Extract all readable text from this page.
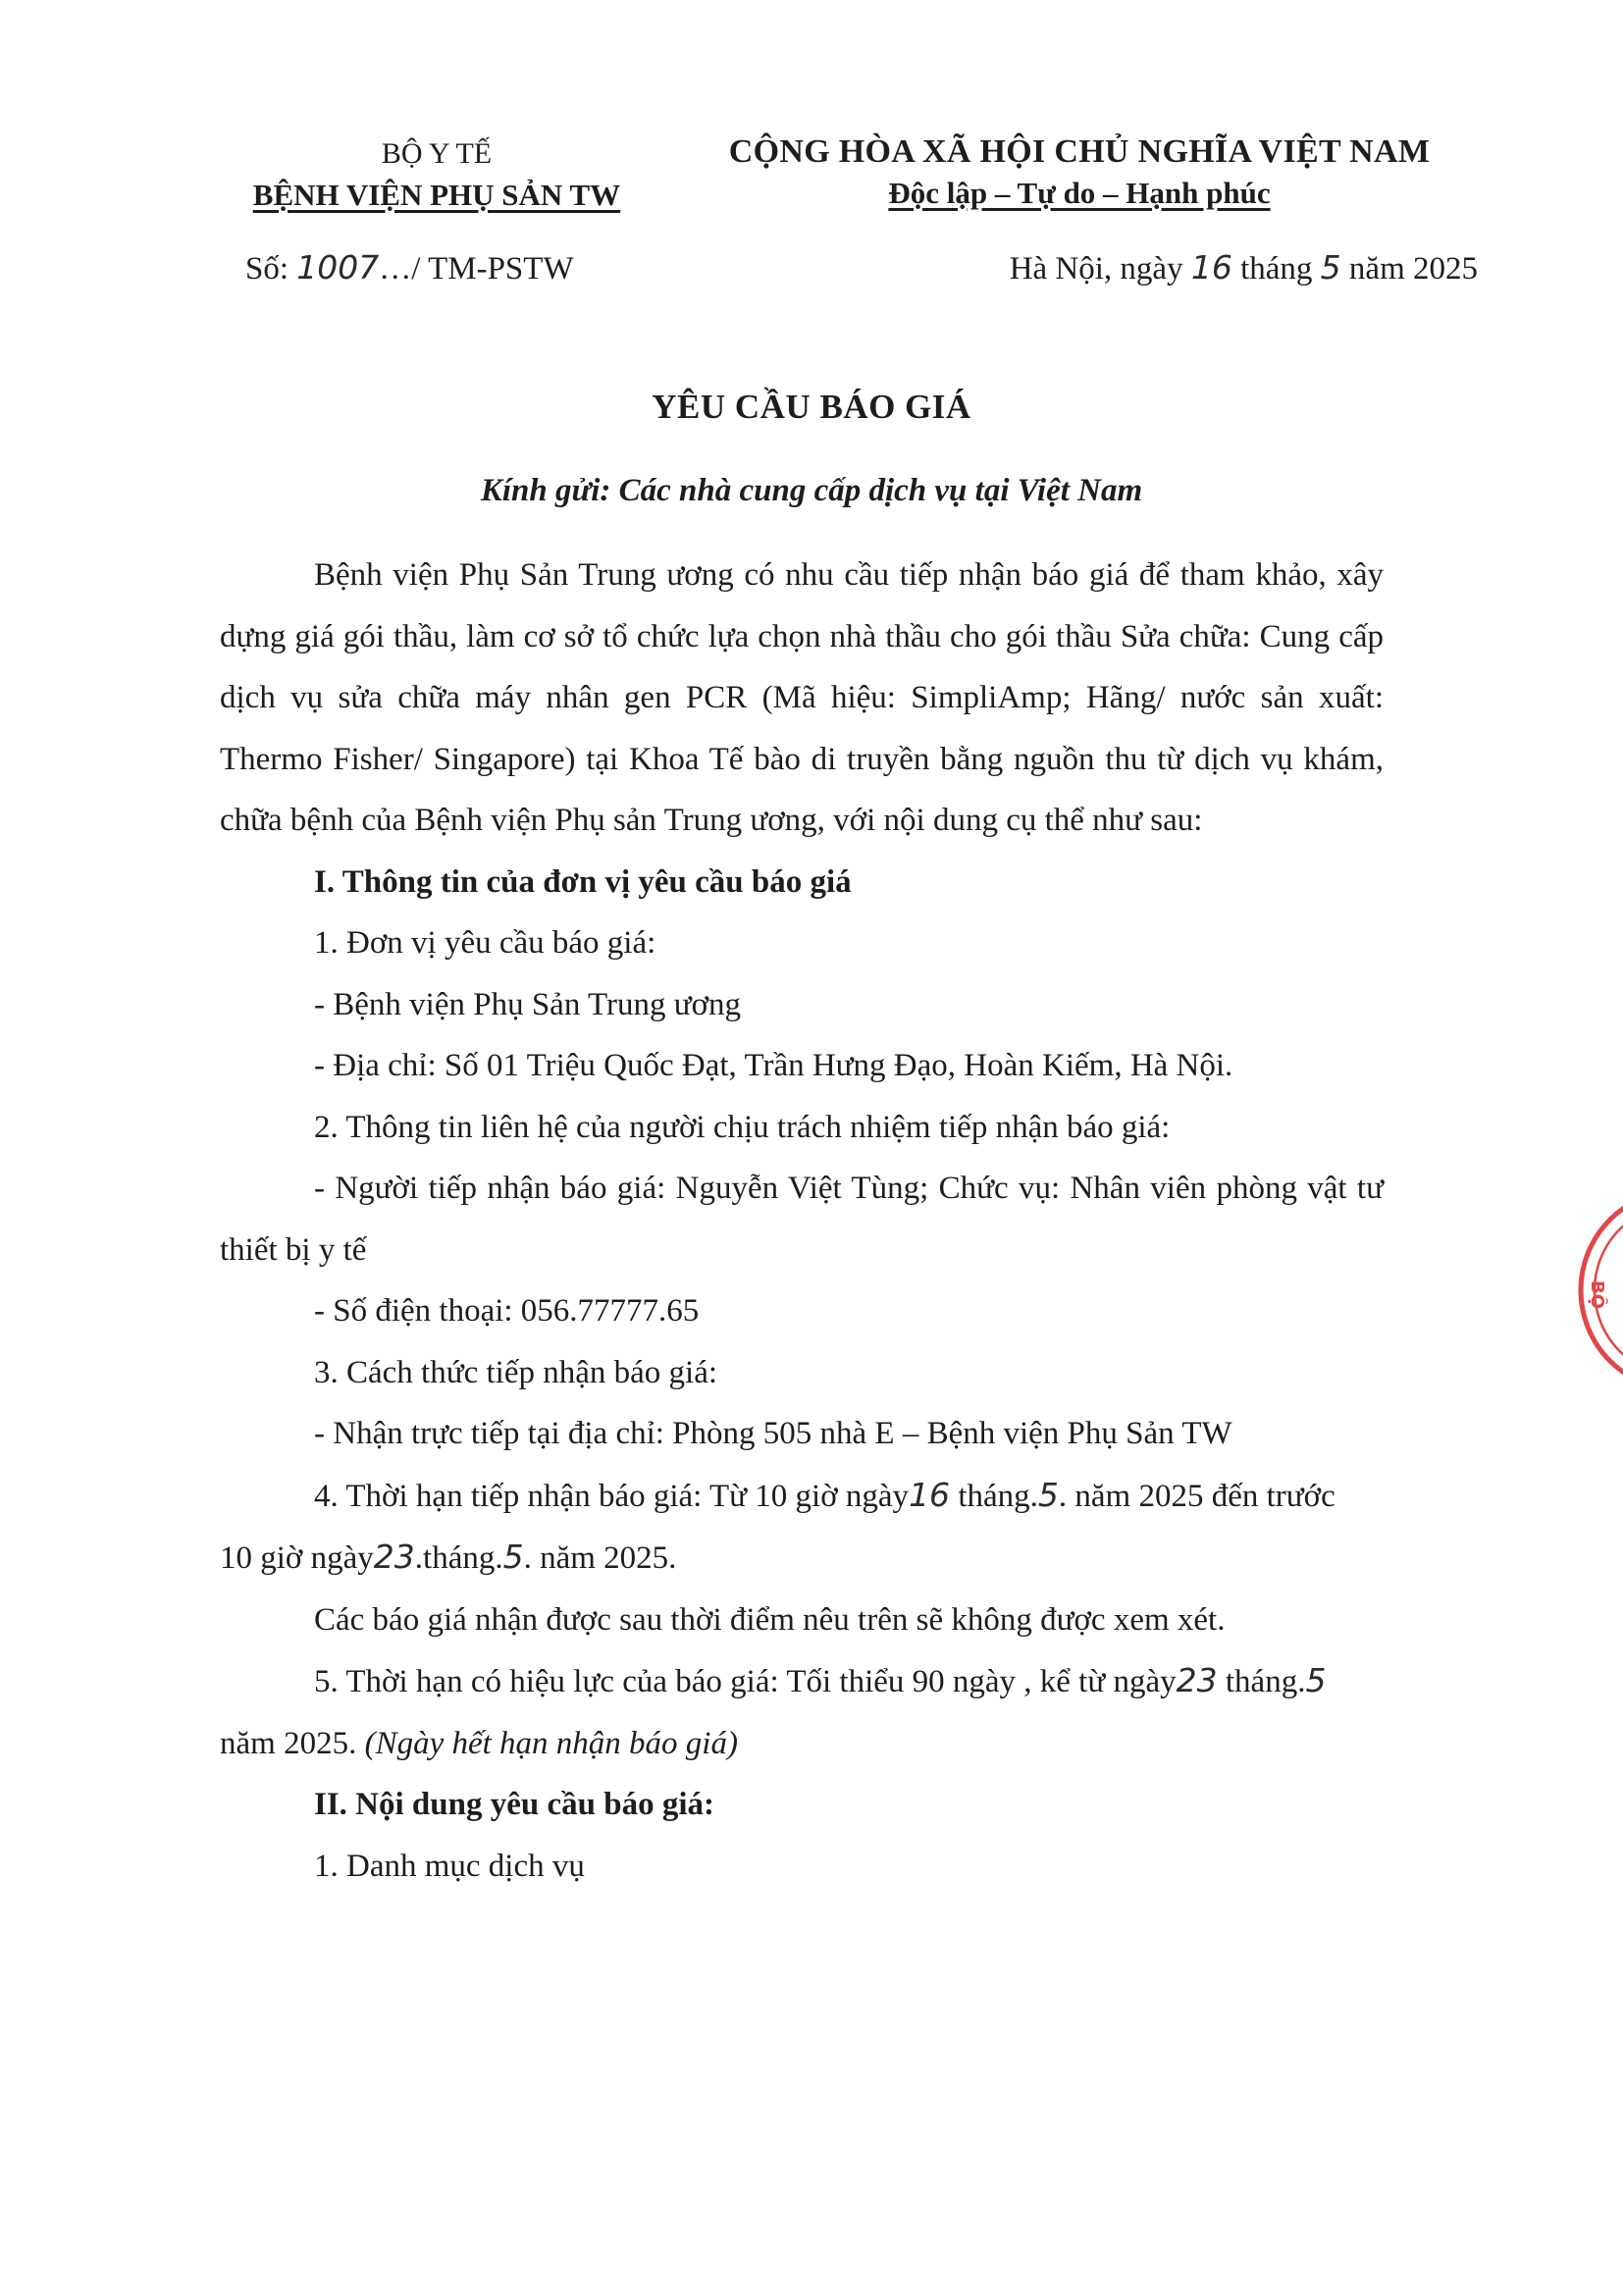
BỘ Y TẾ
BỆNH VIỆN PHỤ SẢN TW
CỘNG HÒA XÃ HỘI CHỦ NGHĨA VIỆT NAM
Độc lập – Tự do – Hạnh phúc
Số: 1007…/ TM-PSTW	Hà Nội, ngày 16 tháng 5 năm 2025
YÊU CẦU BÁO GIÁ
Kính gửi: Các nhà cung cấp dịch vụ tại Việt Nam

Bệnh viện Phụ Sản Trung ương có nhu cầu tiếp nhận báo giá để tham khảo, xây dựng giá gói thầu, làm cơ sở tổ chức lựa chọn nhà thầu cho gói thầu Sửa chữa: Cung cấp dịch vụ sửa chữa máy nhân gen PCR (Mã hiệu: SimpliAmp; Hãng/ nước sản xuất: Thermo Fisher/ Singapore) tại Khoa Tế bào di truyền bằng nguồn thu từ dịch vụ khám, chữa bệnh của Bệnh viện Phụ sản Trung ương, với nội dung cụ thể như sau:

I. Thông tin của đơn vị yêu cầu báo giá

1. Đơn vị yêu cầu báo giá:

- Bệnh viện Phụ Sản Trung ương

- Địa chỉ: Số 01 Triệu Quốc Đạt, Trần Hưng Đạo, Hoàn Kiếm, Hà Nội.

2. Thông tin liên hệ của người chịu trách nhiệm tiếp nhận báo giá:

- Người tiếp nhận báo giá: Nguyễn Việt Tùng; Chức vụ: Nhân viên phòng vật tư thiết bị y tế

- Số điện thoại: 056.77777.65

3. Cách thức tiếp nhận báo giá:

- Nhận trực tiếp tại địa chỉ: Phòng 505 nhà E – Bệnh viện Phụ Sản TW

4. Thời hạn tiếp nhận báo giá: Từ 10 giờ ngày16 tháng.5. năm 2025 đến trước

10 giờ ngày23.tháng.5. năm 2025.

Các báo giá nhận được sau thời điểm nêu trên sẽ không được xem xét.

5. Thời hạn có hiệu lực của báo giá: Tối thiểu 90 ngày , kể từ ngày23 tháng.5

năm 2025. (Ngày hết hạn nhận báo giá)

II. Nội dung yêu cầu báo giá:

1. Danh mục dịch vụ

BỘ
